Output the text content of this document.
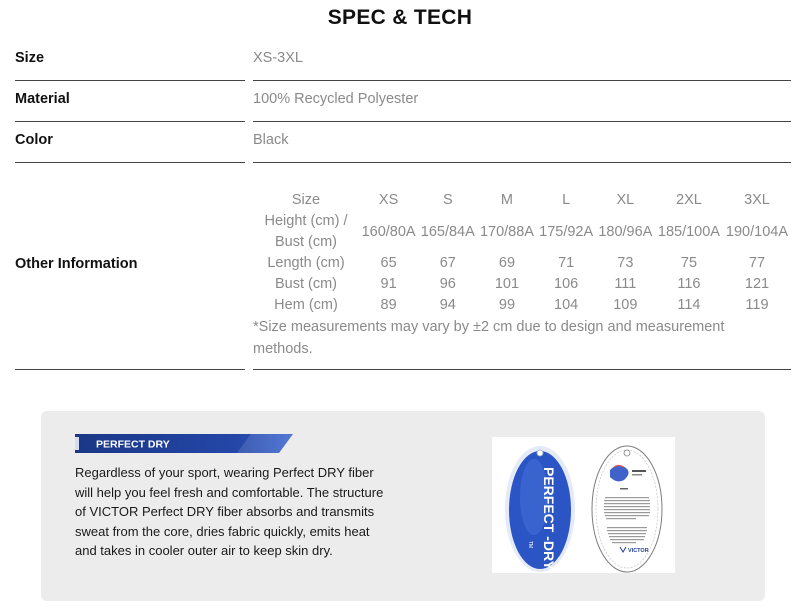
SPEC & TECH
Size	XS-3XL
Material	100% Recycled Polyester
Color	Black
Other Information
Size	XS	S	M	L	XL	2XL	3XL

Height (cm) /
Bust (cm)	160/80A	165/84A	170/88A	175/92A	180/96A	185/100A	190/104A
Length (cm)	65	67	69	71	73	75	77
Bust (cm)	91	96	101	106	111	116	121
Hem (cm)	89	94	99	104	109	114	119
*Size measurements may vary by ±2 cm due to design and measurement methods.
PERFECT DRY
Regardless of your sport, wearing Perfect DRY fiber will help you feel fresh and comfortable. The structure of VICTOR Perfect DRY fiber absorbs and transmits sweat from the core, dries fabric quickly, emits heat and takes in cooler outer air to keep skin dry.	PERFECT -DRY
TM
VICTOR
